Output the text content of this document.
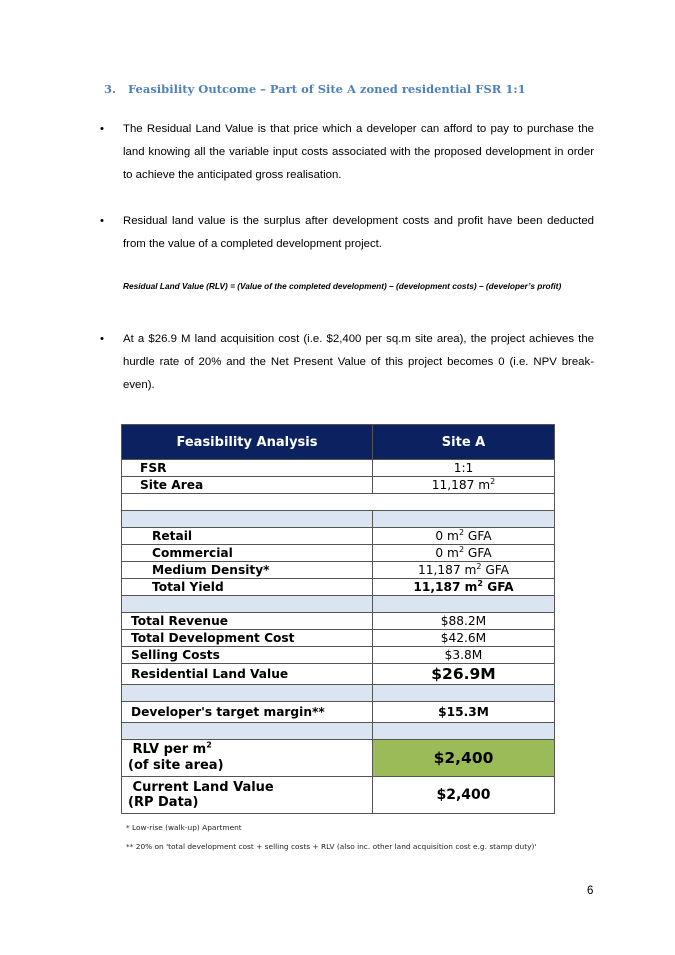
3. Feasibility Outcome – Part of Site A zoned residential FSR 1:1
•	The Residual Land Value is that price which a developer can afford to pay to purchase the land knowing all the variable input costs associated with the proposed development in order to achieve the anticipated gross realisation.
•	Residual land value is the surplus after development costs and profit have been deducted from the value of a completed development project.
Residual Land Value (RLV) = (Value of the completed development) – (development costs) – (developer’s profit)
•	At a $26.9 M land acquisition cost (i.e. $2,400 per sq.m site area), the project achieves the hurdle rate of 20% and the Net Present Value of this project becomes 0 (i.e. NPV break-even).
Feasibility Analysis	Site A
FSR	1:1
Site Area	11,187 $m^2$

Retail	0 $m^2$ GFA
Commercial	0 $m^2$ GFA
Medium Density*	11,187 $m^2$ GFA
Total Yield	11,187 $m^2$ GFA

Total Revenue	$88.2M
Total Development Cost	$42.6M
Selling Costs	$3.8M
Residential Land Value	$26.9M

Developer's target margin**	$15.3M

RLV per $m^2$
(of site area)	$2,400
Current Land Value
(RP Data)	$2,400
* Low-rise (walk-up) Apartment
** 20% on 'total development cost + selling costs + RLV (also inc. other land acquisition cost e.g. stamp duty)'
6
